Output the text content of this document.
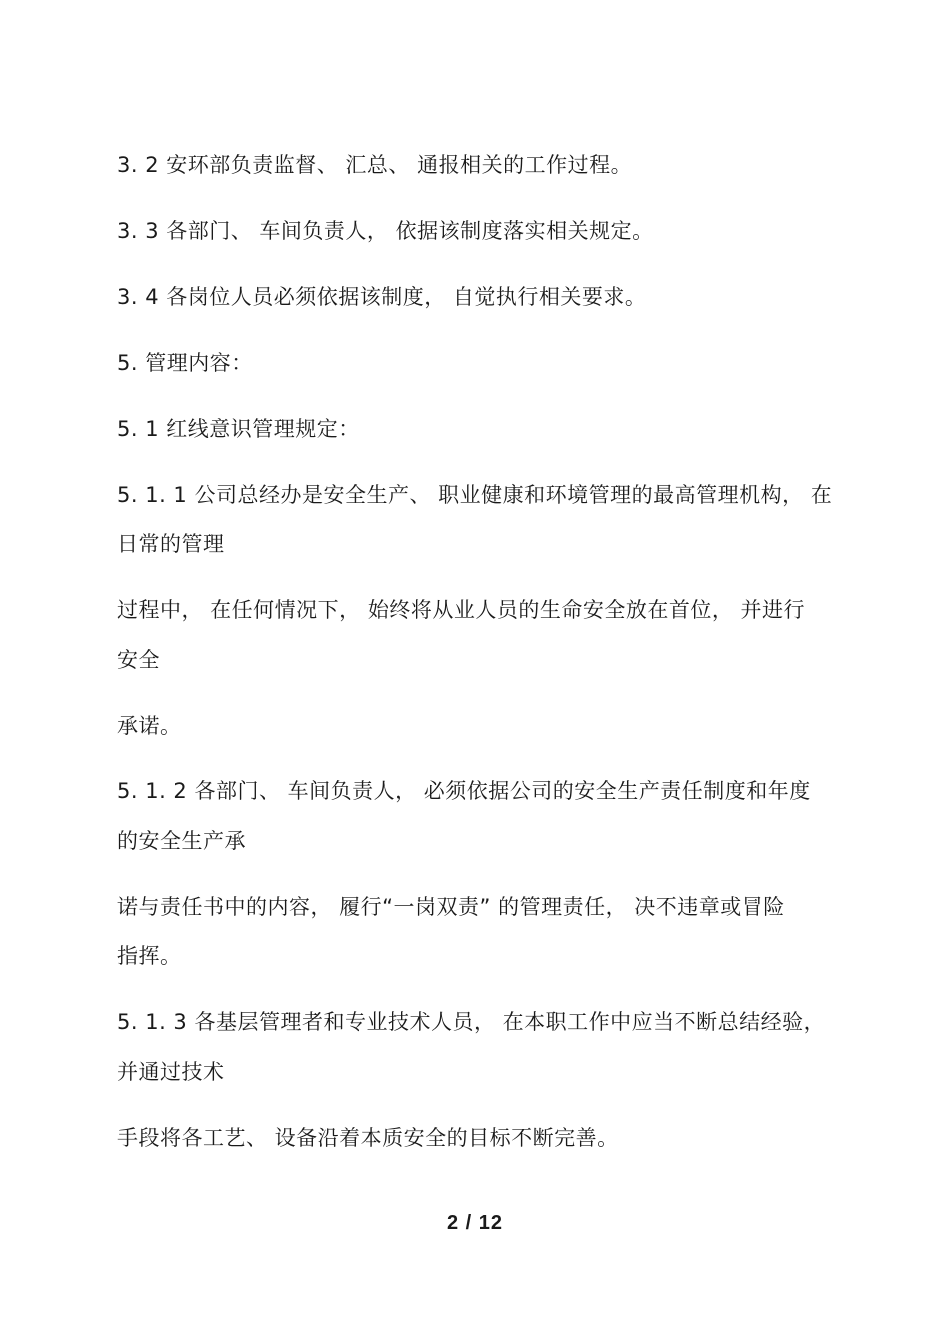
3. 2 安环部负责监督、 汇总、 通报相关的工作过程。
3. 3 各部门、 车间负责人， 依据该制度落实相关规定。
3. 4 各岗位人员必须依据该制度， 自觉执行相关要求。
5. 管理内容：
5. 1 红线意识管理规定：
5. 1. 1 公司总经办是安全生产、 职业健康和环境管理的最高管理机构， 在
日常的管理
过程中， 在任何情况下， 始终将从业人员的生命安全放在首位， 并进行
安全
承诺。
5. 1. 2 各部门、 车间负责人， 必须依据公司的安全生产责任制度和年度
的安全生产承
诺与责任书中的内容， 履行“一岗双责” 的管理责任， 决不违章或冒险
指挥。
5. 1. 3 各基层管理者和专业技术人员， 在本职工作中应当不断总结经验，
并通过技术
手段将各工艺、 设备沿着本质安全的目标不断完善。
2 / 12
